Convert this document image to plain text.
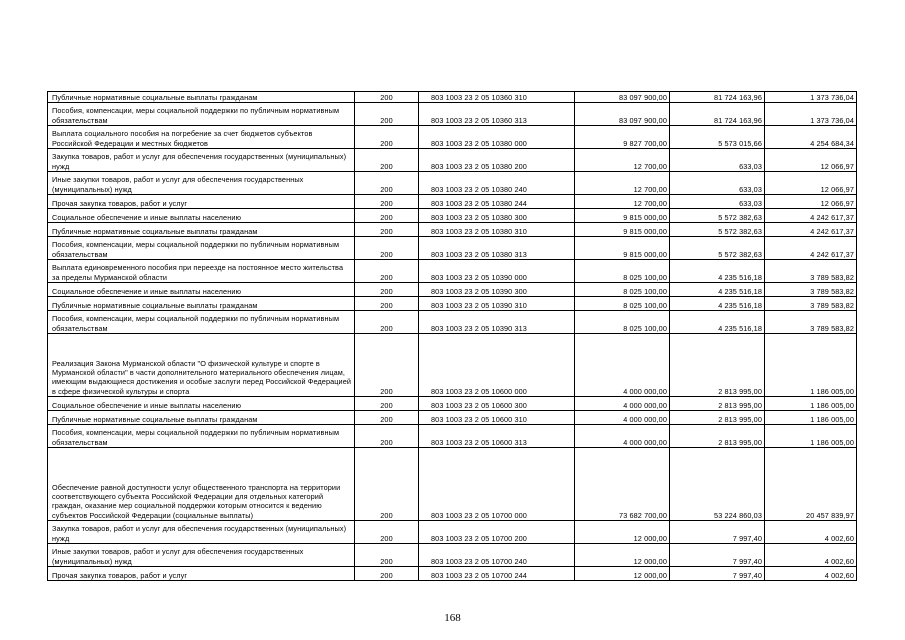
Публичные нормативные социальные выплаты гражданам	200	803 1003 23 2 05 10360 310	83 097 900,00	81 724 163,96	1 373 736,04
Пособия, компенсации, меры социальной поддержки по публичным нормативным обязательствам	200	803 1003 23 2 05 10360 313	83 097 900,00	81 724 163,96	1 373 736,04
Выплата социального пособия на погребение за счет бюджетов субъектов Российской Федерации и местных бюджетов	200	803 1003 23 2 05 10380 000	9 827 700,00	5 573 015,66	4 254 684,34
Закупка товаров, работ и услуг для обеспечения государственных (муниципальных) нужд	200	803 1003 23 2 05 10380 200	12 700,00	633,03	12 066,97
Иные закупки товаров, работ и услуг для обеспечения государственных (муниципальных) нужд	200	803 1003 23 2 05 10380 240	12 700,00	633,03	12 066,97
Прочая закупка товаров, работ и услуг	200	803 1003 23 2 05 10380 244	12 700,00	633,03	12 066,97
Социальное обеспечение и иные выплаты населению	200	803 1003 23 2 05 10380 300	9 815 000,00	5 572 382,63	4 242 617,37
Публичные нормативные социальные выплаты гражданам	200	803 1003 23 2 05 10380 310	9 815 000,00	5 572 382,63	4 242 617,37
Пособия, компенсации, меры социальной поддержки по публичным нормативным обязательствам	200	803 1003 23 2 05 10380 313	9 815 000,00	5 572 382,63	4 242 617,37
Выплата единовременного пособия при переезде на постоянное место жительства за пределы Мурманской области	200	803 1003 23 2 05 10390 000	8 025 100,00	4 235 516,18	3 789 583,82
Социальное обеспечение и иные выплаты населению	200	803 1003 23 2 05 10390 300	8 025 100,00	4 235 516,18	3 789 583,82
Публичные нормативные социальные выплаты гражданам	200	803 1003 23 2 05 10390 310	8 025 100,00	4 235 516,18	3 789 583,82
Пособия, компенсации, меры социальной поддержки по публичным нормативным обязательствам	200	803 1003 23 2 05 10390 313	8 025 100,00	4 235 516,18	3 789 583,82
Реализация Закона Мурманской области "О физической культуре и спорте в Мурманской области" в части дополнительного материального обеспечения лицам, имеющим выдающиеся достижения и особые заслуги перед Российской Федерацией в сфере физической культуры и спорта	200	803 1003 23 2 05 10600 000	4 000 000,00	2 813 995,00	1 186 005,00
Социальное обеспечение и иные выплаты населению	200	803 1003 23 2 05 10600 300	4 000 000,00	2 813 995,00	1 186 005,00
Публичные нормативные социальные выплаты гражданам	200	803 1003 23 2 05 10600 310	4 000 000,00	2 813 995,00	1 186 005,00
Пособия, компенсации, меры социальной поддержки по публичным нормативным обязательствам	200	803 1003 23 2 05 10600 313	4 000 000,00	2 813 995,00	1 186 005,00
Обеспечение равной доступности услуг общественного транспорта на территории соответствующего субъекта Российской Федерации для отдельных категорий граждан, оказание мер социальной поддержки которым относится к ведению субъектов Российской Федерации (социальные выплаты)	200	803 1003 23 2 05 10700 000	73 682 700,00	53 224 860,03	20 457 839,97
Закупка товаров, работ и услуг для обеспечения государственных (муниципальных) нужд	200	803 1003 23 2 05 10700 200	12 000,00	7 997,40	4 002,60
Иные закупки товаров, работ и услуг для обеспечения государственных (муниципальных) нужд	200	803 1003 23 2 05 10700 240	12 000,00	7 997,40	4 002,60
Прочая закупка товаров, работ и услуг	200	803 1003 23 2 05 10700 244	12 000,00	7 997,40	4 002,60
168
